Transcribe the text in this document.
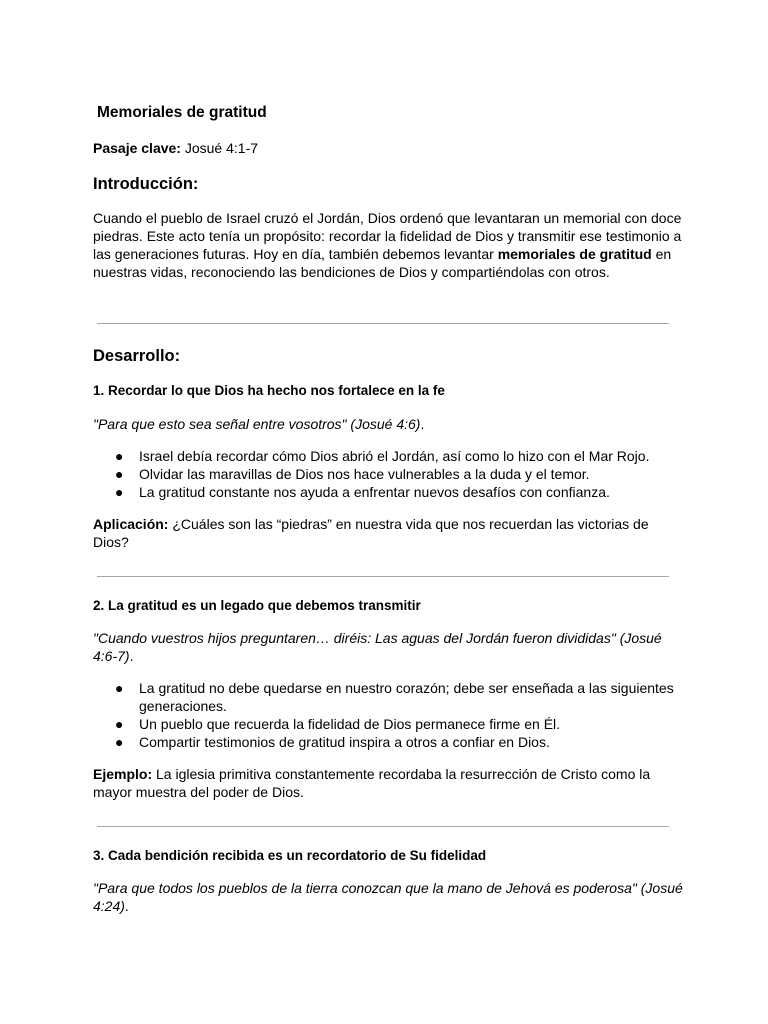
Memoriales de gratitud

Pasaje clave: Josué 4:1-7

Introducción:

Cuando el pueblo de Israel cruzó el Jordán, Dios ordenó que levantaran un memorial con doce piedras. Este acto tenía un propósito: recordar la fidelidad de Dios y transmitir ese testimonio a las generaciones futuras. Hoy en día, también debemos levantar memoriales de gratitud en nuestras vidas, reconociendo las bendiciones de Dios y compartiéndolas con otros.

Desarrollo:
1. Recordar lo que Dios ha hecho nos fortalece en la fe

"Para que esto sea señal entre vosotros" (Josué 4:6).

● Israel debía recordar cómo Dios abrió el Jordán, así como lo hizo con el Mar Rojo.
● Olvidar las maravillas de Dios nos hace vulnerables a la duda y el temor.
● La gratitud constante nos ayuda a enfrentar nuevos desafíos con confianza.

Aplicación: ¿Cuáles son las “piedras” en nuestra vida que nos recuerdan las victorias de Dios?

2. La gratitud es un legado que debemos transmitir

"Cuando vuestros hijos preguntaren… diréis: Las aguas del Jordán fueron divididas" (Josué 4:6-7).

● La gratitud no debe quedarse en nuestro corazón; debe ser enseñada a las siguientes generaciones.
● Un pueblo que recuerda la fidelidad de Dios permanece firme en Él.
● Compartir testimonios de gratitud inspira a otros a confiar en Dios.

Ejemplo: La iglesia primitiva constantemente recordaba la resurrección de Cristo como la mayor muestra del poder de Dios.

3. Cada bendición recibida es un recordatorio de Su fidelidad

"Para que todos los pueblos de la tierra conozcan que la mano de Jehová es poderosa" (Josué 4:24).
